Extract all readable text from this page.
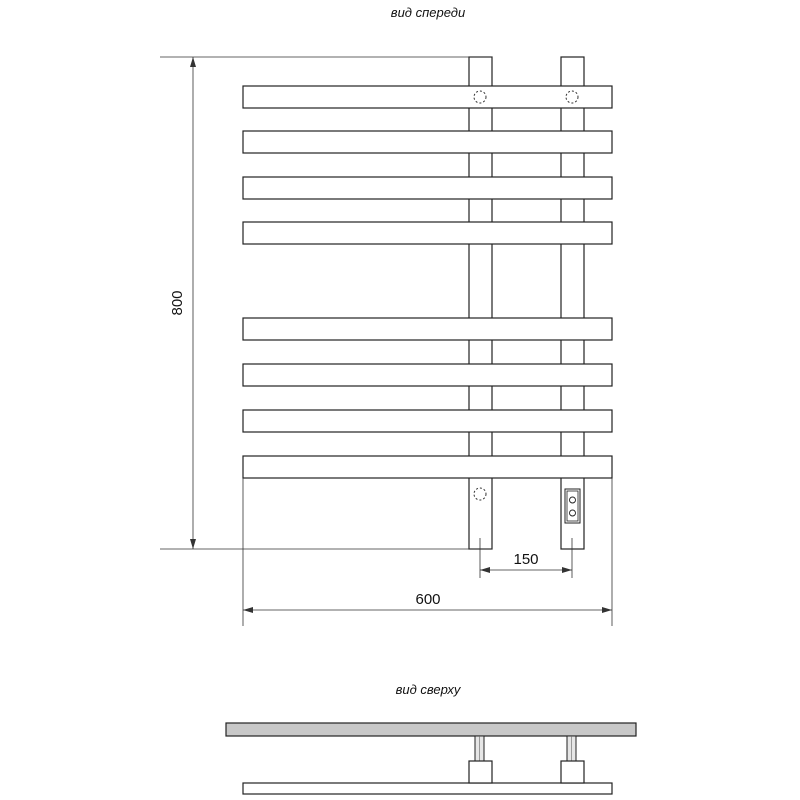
вид спереди
вид сверху
800
150
600
